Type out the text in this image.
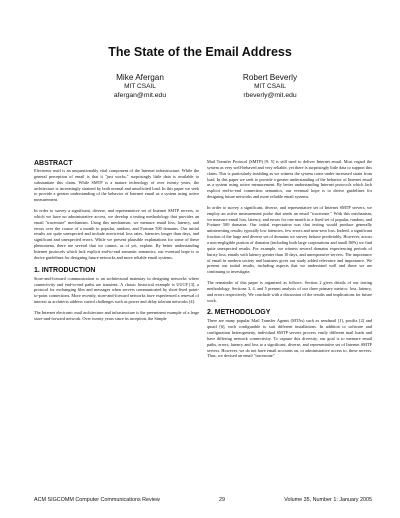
The State of the Email Address
Mike Afergan
MIT CSAIL
afergan@mit.edu
Robert Beverly
MIT CSAIL
rbeverly@mit.edu

ABSTRACT

Electronic mail is an unquestionably vital component of the Internet infrastructure. While the general perception of email is that it "just works," surprisingly little data is available to substantiate this claim. While SMTP is a mature technology of over twenty years, the architecture is increasingly strained by both normal and unsolicited load. In this paper we seek to provide a greater understanding of the behavior of Internet email as a system using active measurement.

In order to survey a significant, diverse, and representative set of Internet SMTP servers, to which we have no administrative access, we develop a testing methodology that provides an email "traceroute" mechanism. Using this mechanism, we measure email loss, latency, and errors over the course of a month to popular, random, and Fortune 500 domains. Our initial results are quite unexpected and include non-trivial loss rates, latencies longer than days, and significant and unexpected errors. While we present plausible explanations for some of these phenomena, there are several that we cannot, as of yet, explain. By better understanding Internet protocols which lack explicit end-to-end semantic semantics, our eventual hope is to derive guidelines for designing future networks and more reliable email systems.

1. INTRODUCTION

Store-and-forward communication is an architectural mainstay in designing networks where connectivity and end-to-end paths are transient. A classic historical example is UUCP [3], a protocol for exchanging files and messages when servers communicated by short-lived point-to-point connections. More recently, store-and-forward networks have experienced a renewal of interest as architects address varied challenges such as power and delay tolerant networks [4].

The Internet electronic mail architecture and infrastructure is the preeminent example of a large store-and-forward network. Over twenty years since its inception, the Simple

Mail Transfer Protocol (SMTP) [9, 5] is still used to deliver Internet email. Most regard the system as very well-behaved and very reliable, yet there is surprisingly little data to support this claim. This is particularly troubling as we witness the system come under increased strain from load. In this paper we seek to provide a greater understanding of the behavior of Internet email as a system using active measurement. By better understanding Internet protocols which lack explicit end-to-end connection semantics, our eventual hope is to derive guidelines for designing future networks and more reliable email systems.

In order to survey a significant, diverse, and representative set of Internet SMTP servers, we employ an active measurement probe that sends an email "traceroute." With this mechanism, we measure email loss, latency, and errors for one month to a fixed set of popular, random, and Fortune 500 domains. Our initial expectation was that testing would produce generally uninteresting results: typically low latencies, few errors and near-zero loss. Indeed, a significant fraction of the large and diverse set of domains we survey behave predictably. However, across a non-negligible portion of domains (including both large corporations and small ISPs) we find quite unexpected results. For example, we witness several domains experiencing periods of bursty loss, emails with latency greater than 10 days, and unresponsive servers. The importance of email in modern society and business gives our study added relevance and importance. We present our initial results, including aspects that we understand well and those we are continuing to investigate.

The remainder of this paper is organized as follows. Section 2 gives details of our testing methodology. Sections 3, 4, and 5 present analysis of our three primary metrics: loss, latency, and errors respectively. We conclude with a discussion of the results and implications for future work.

2. METHODOLOGY

There are many popular Mail Transfer Agents (MTAs) such as sendmail [1], postfix [2] and qmail [6], each configurable to suit different installations. In addition to software and configuration heterogeneity, individual SMTP servers process vastly different mail loads and have differing network connectivity. To capture this diversity, our goal is to measure email paths, errors, latency and loss to a significant, diverse, and representative set of Internet SMTP servers. However, we do not have email accounts on, or administrative access to, these servers. Thus, we devised an email "traceroute"

ACM SIGCOMM Computer Communications Review	29	Volume 35, Number 1: January 2005
